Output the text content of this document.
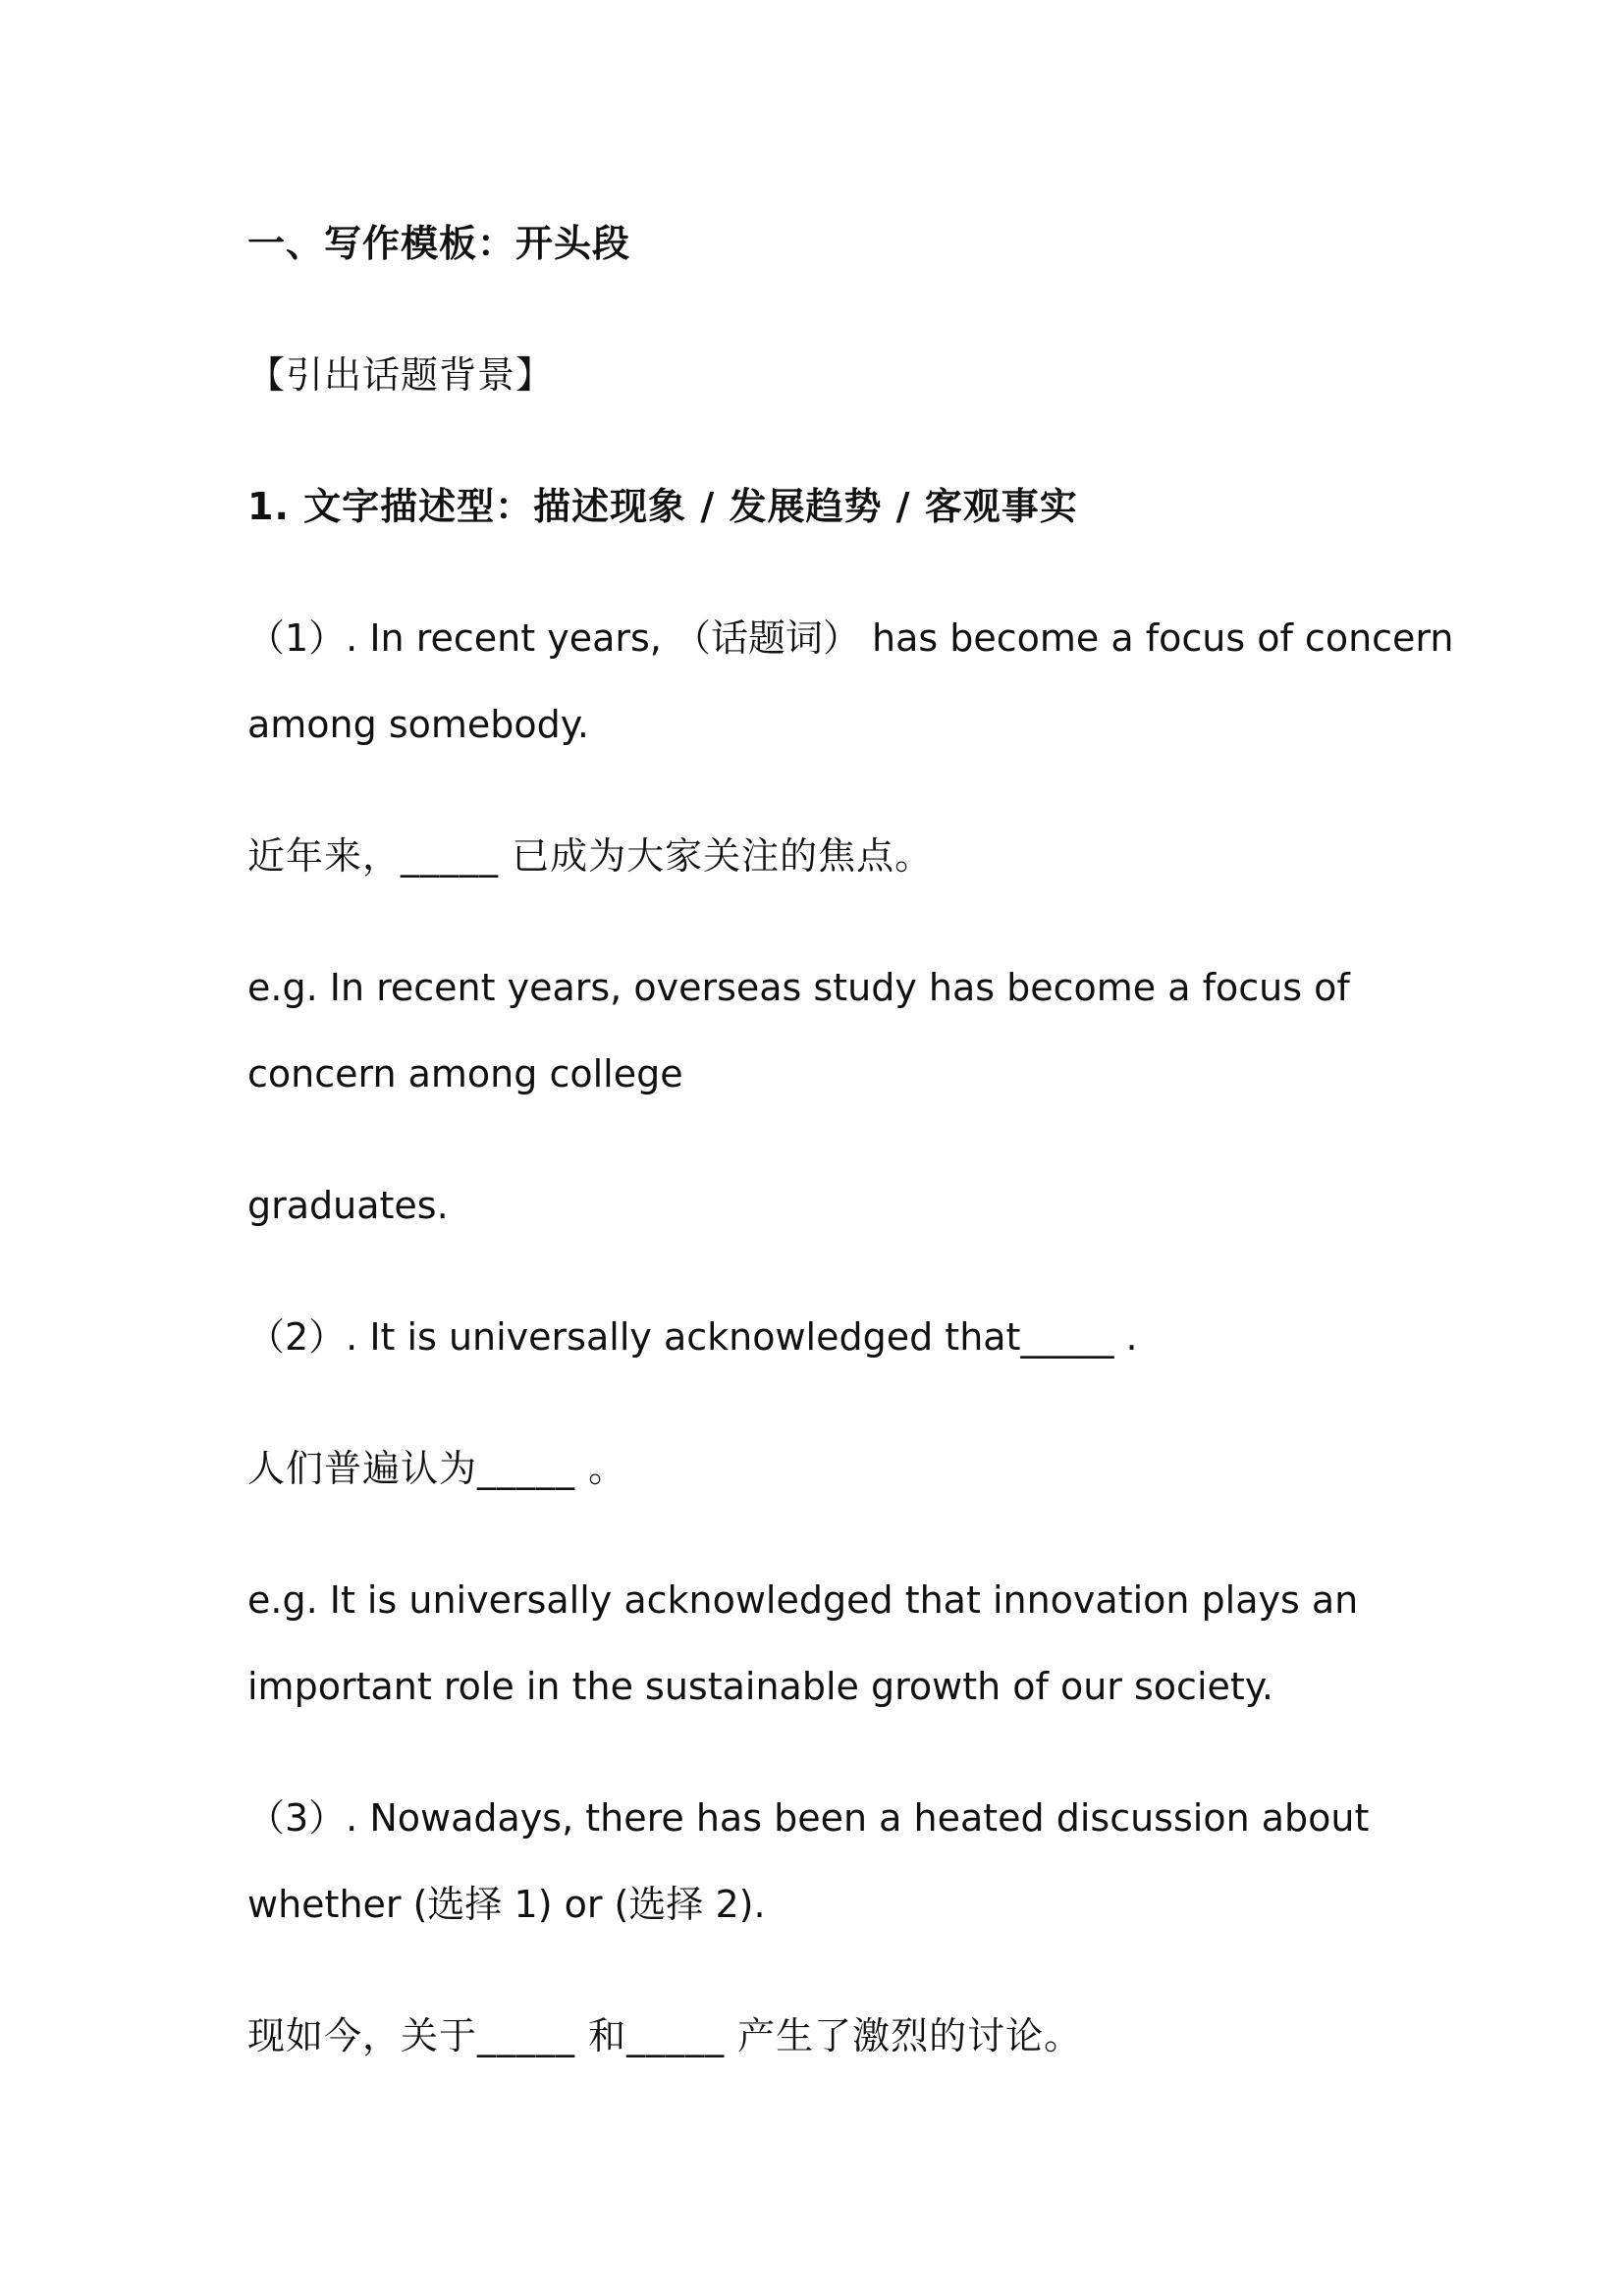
一、写作模板：开头段
【引出话题背景】
1. 文字描述型：描述现象 / 发展趋势 / 客观事实
（1）. In recent years, （话题词） has become a focus of concern
among somebody.
近年来，_____ 已成为大家关注的焦点。
e.g. In recent years, overseas study has become a focus of
concern among college
graduates.
（2）. It is universally acknowledged that_____ .
人们普遍认为_____ 。
e.g. It is universally acknowledged that innovation plays an
important role in the sustainable growth of our society.
（3）. Nowadays, there has been a heated discussion about
whether (选择 1) or (选择 2).
现如今，关于_____ 和_____ 产生了激烈的讨论。
